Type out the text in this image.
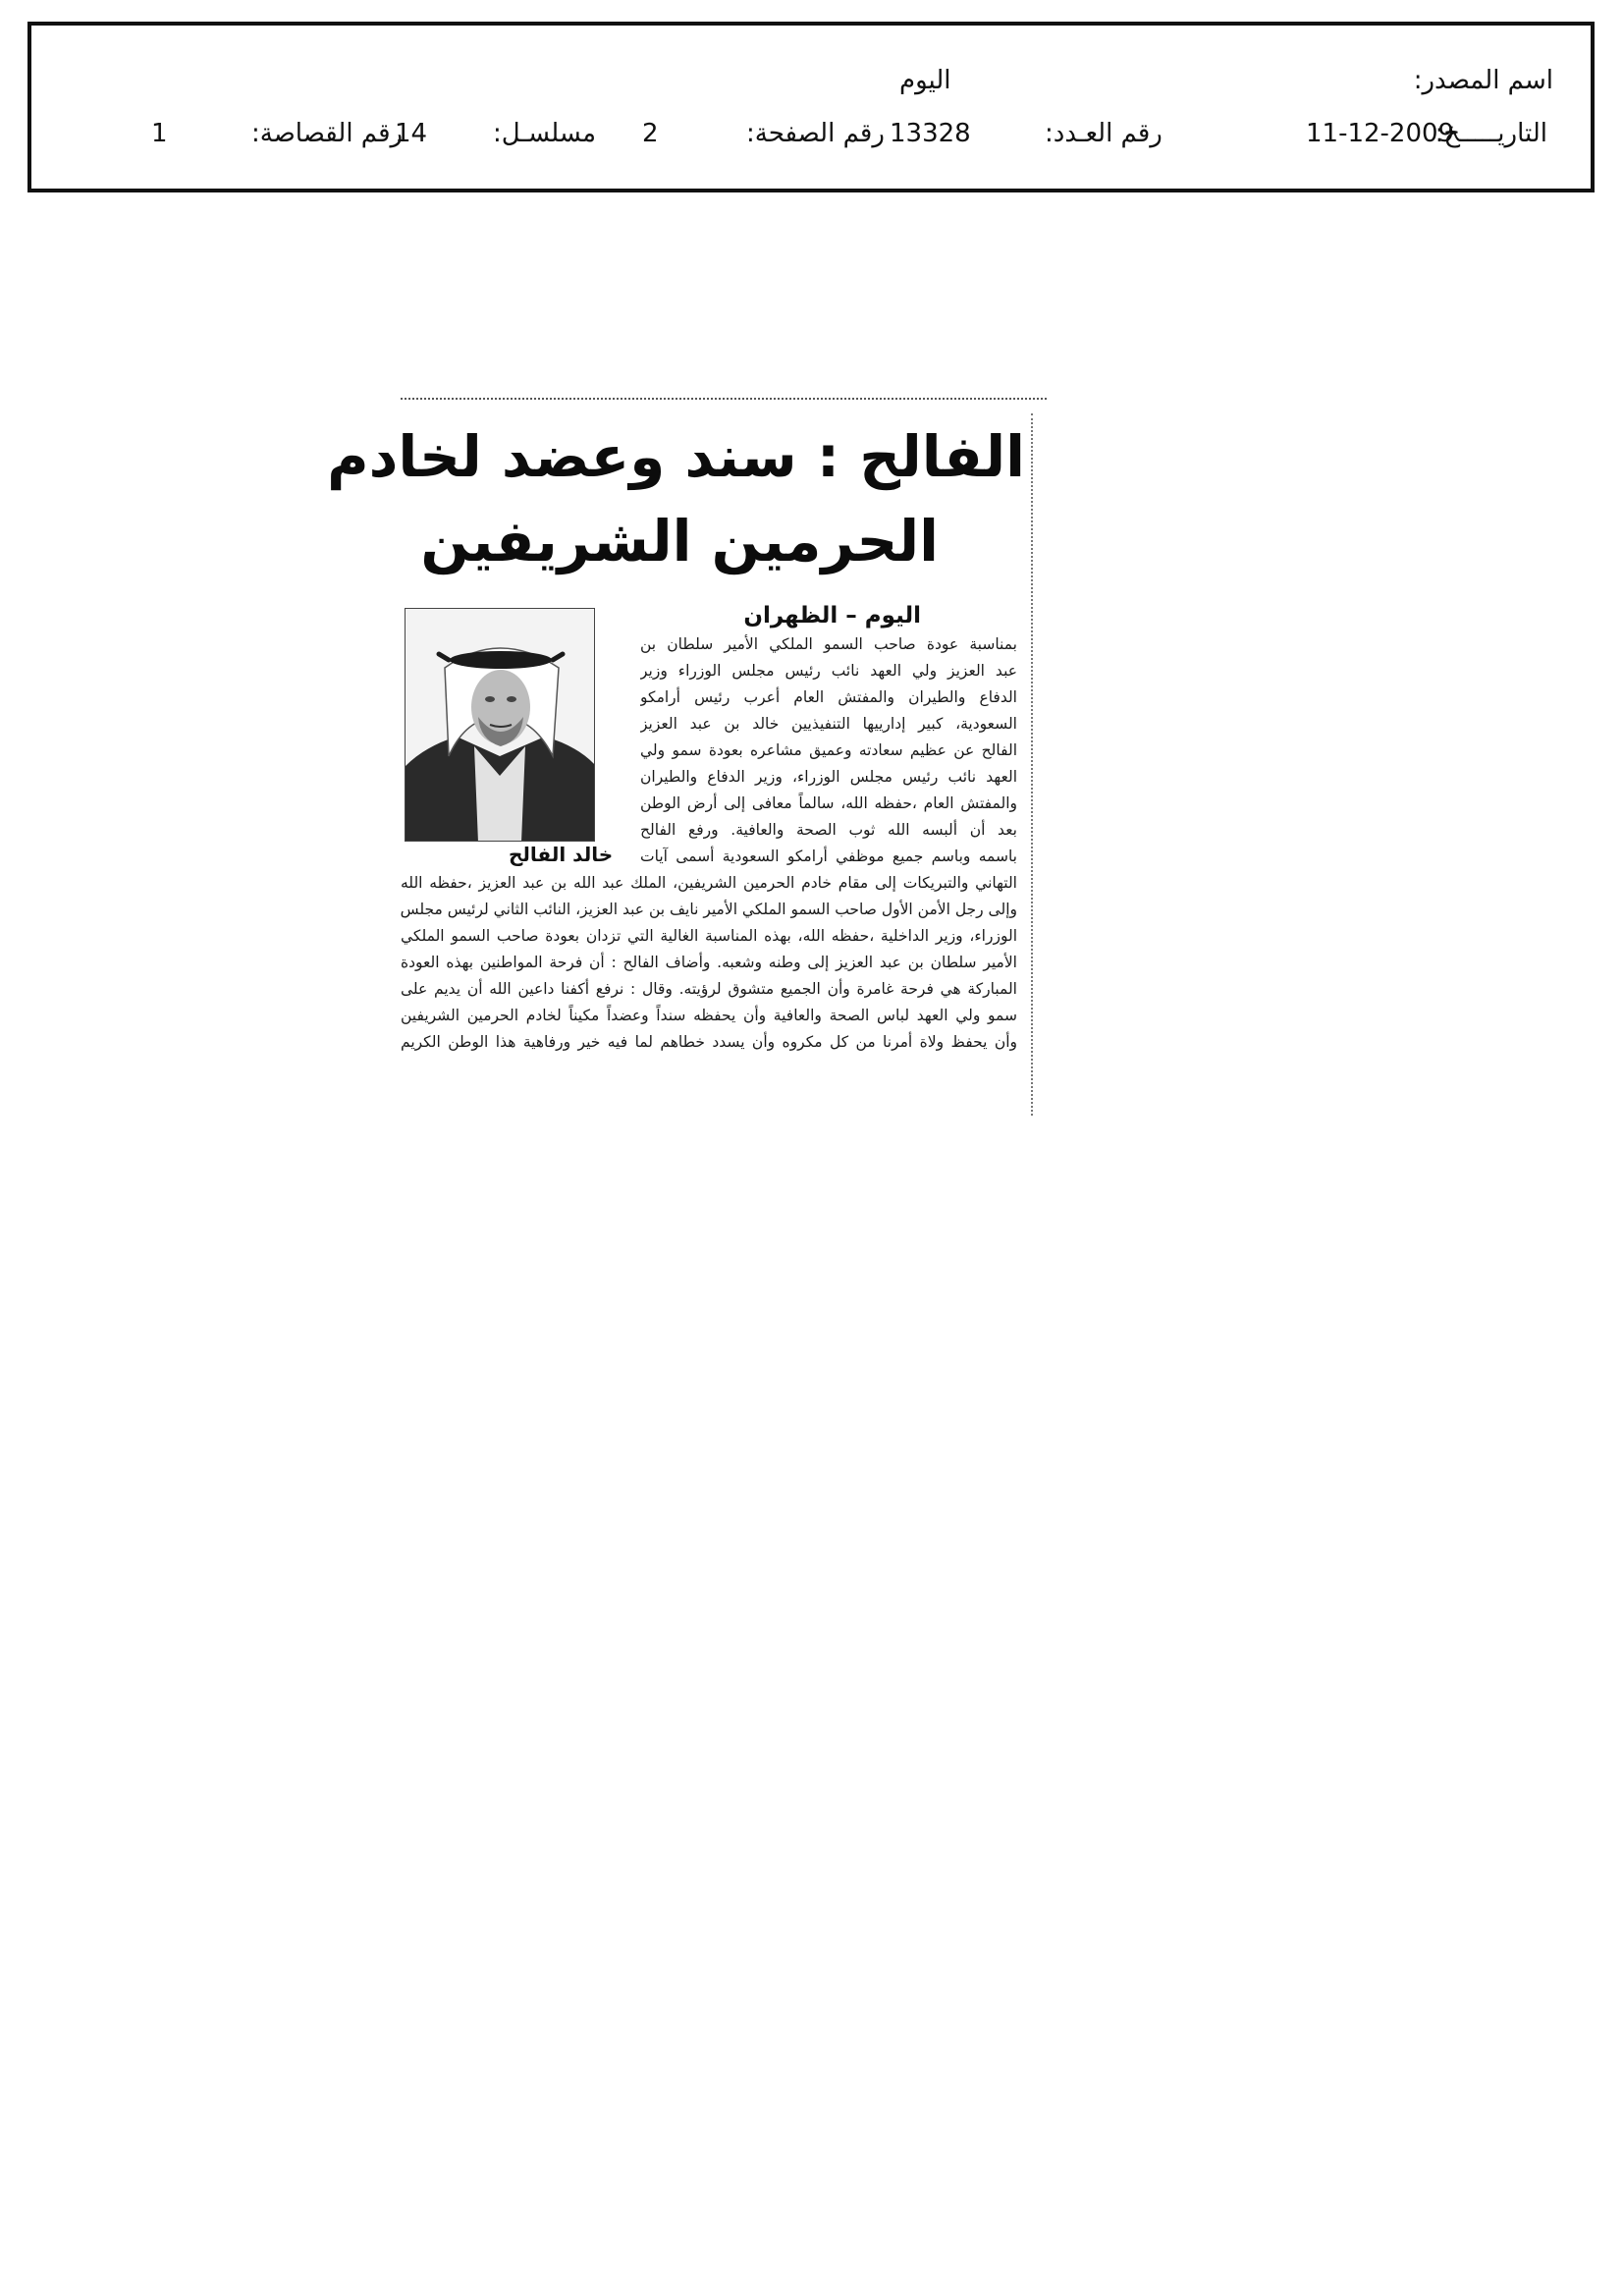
اسم المصدر:
اليوم
التاريـــــخ:
11-12-2009
رقم العـدد:
13328
رقم الصفحة:
2
مسلسـل:
14
رقم القصاصة:
1
الفالح : سند وعضد لخادم
الحرمين الشريفين
اليوم – الظهران
خالد الفالح
بمناسبة عودة صاحب السمو الملكي الأمير سلطان بن
عبد العزيز ولي العهد نائب رئيس مجلس الوزراء وزير
الدفاع والطيران والمفتش العام أعرب رئيس أرامكو
السعودية، كبير إدارييها التنفيذيين خالد بن عبد العزيز
الفالح عن عظيم سعادته وعميق مشاعره بعودة سمو ولي
العهد نائب رئيس مجلس الوزراء، وزير الدفاع والطيران
والمفتش العام ،حفظه الله، سالماً معافى إلى أرض الوطن
بعد أن ألبسه الله ثوب الصحة والعافية. ورفع الفالح
باسمه وباسم جميع موظفي أرامكو السعودية أسمى آيات
التهاني والتبريكات إلى مقام خادم الحرمين الشريفين، الملك عبد الله بن عبد العزيز ،حفظه الله
وإلى رجل الأمن الأول صاحب السمو الملكي الأمير نايف بن عبد العزيز، النائب الثاني لرئيس مجلس
الوزراء، وزير الداخلية ،حفظه الله، بهذه المناسبة الغالية التي تزدان بعودة صاحب السمو الملكي
الأمير سلطان بن عبد العزيز إلى وطنه وشعبه. وأضاف الفالح : أن فرحة المواطنين بهذه العودة
المباركة هي فرحة غامرة وأن الجميع متشوق لرؤيته. وقال : نرفع أكفنا داعين الله أن يديم على
سمو ولي العهد لباس الصحة والعافية وأن يحفظه سنداً وعضداً مكيناً لخادم الحرمين الشريفين
وأن يحفظ ولاة أمرنا من كل مكروه وأن يسدد خطاهم لما فيه خير ورفاهية هذا الوطن الكريم
